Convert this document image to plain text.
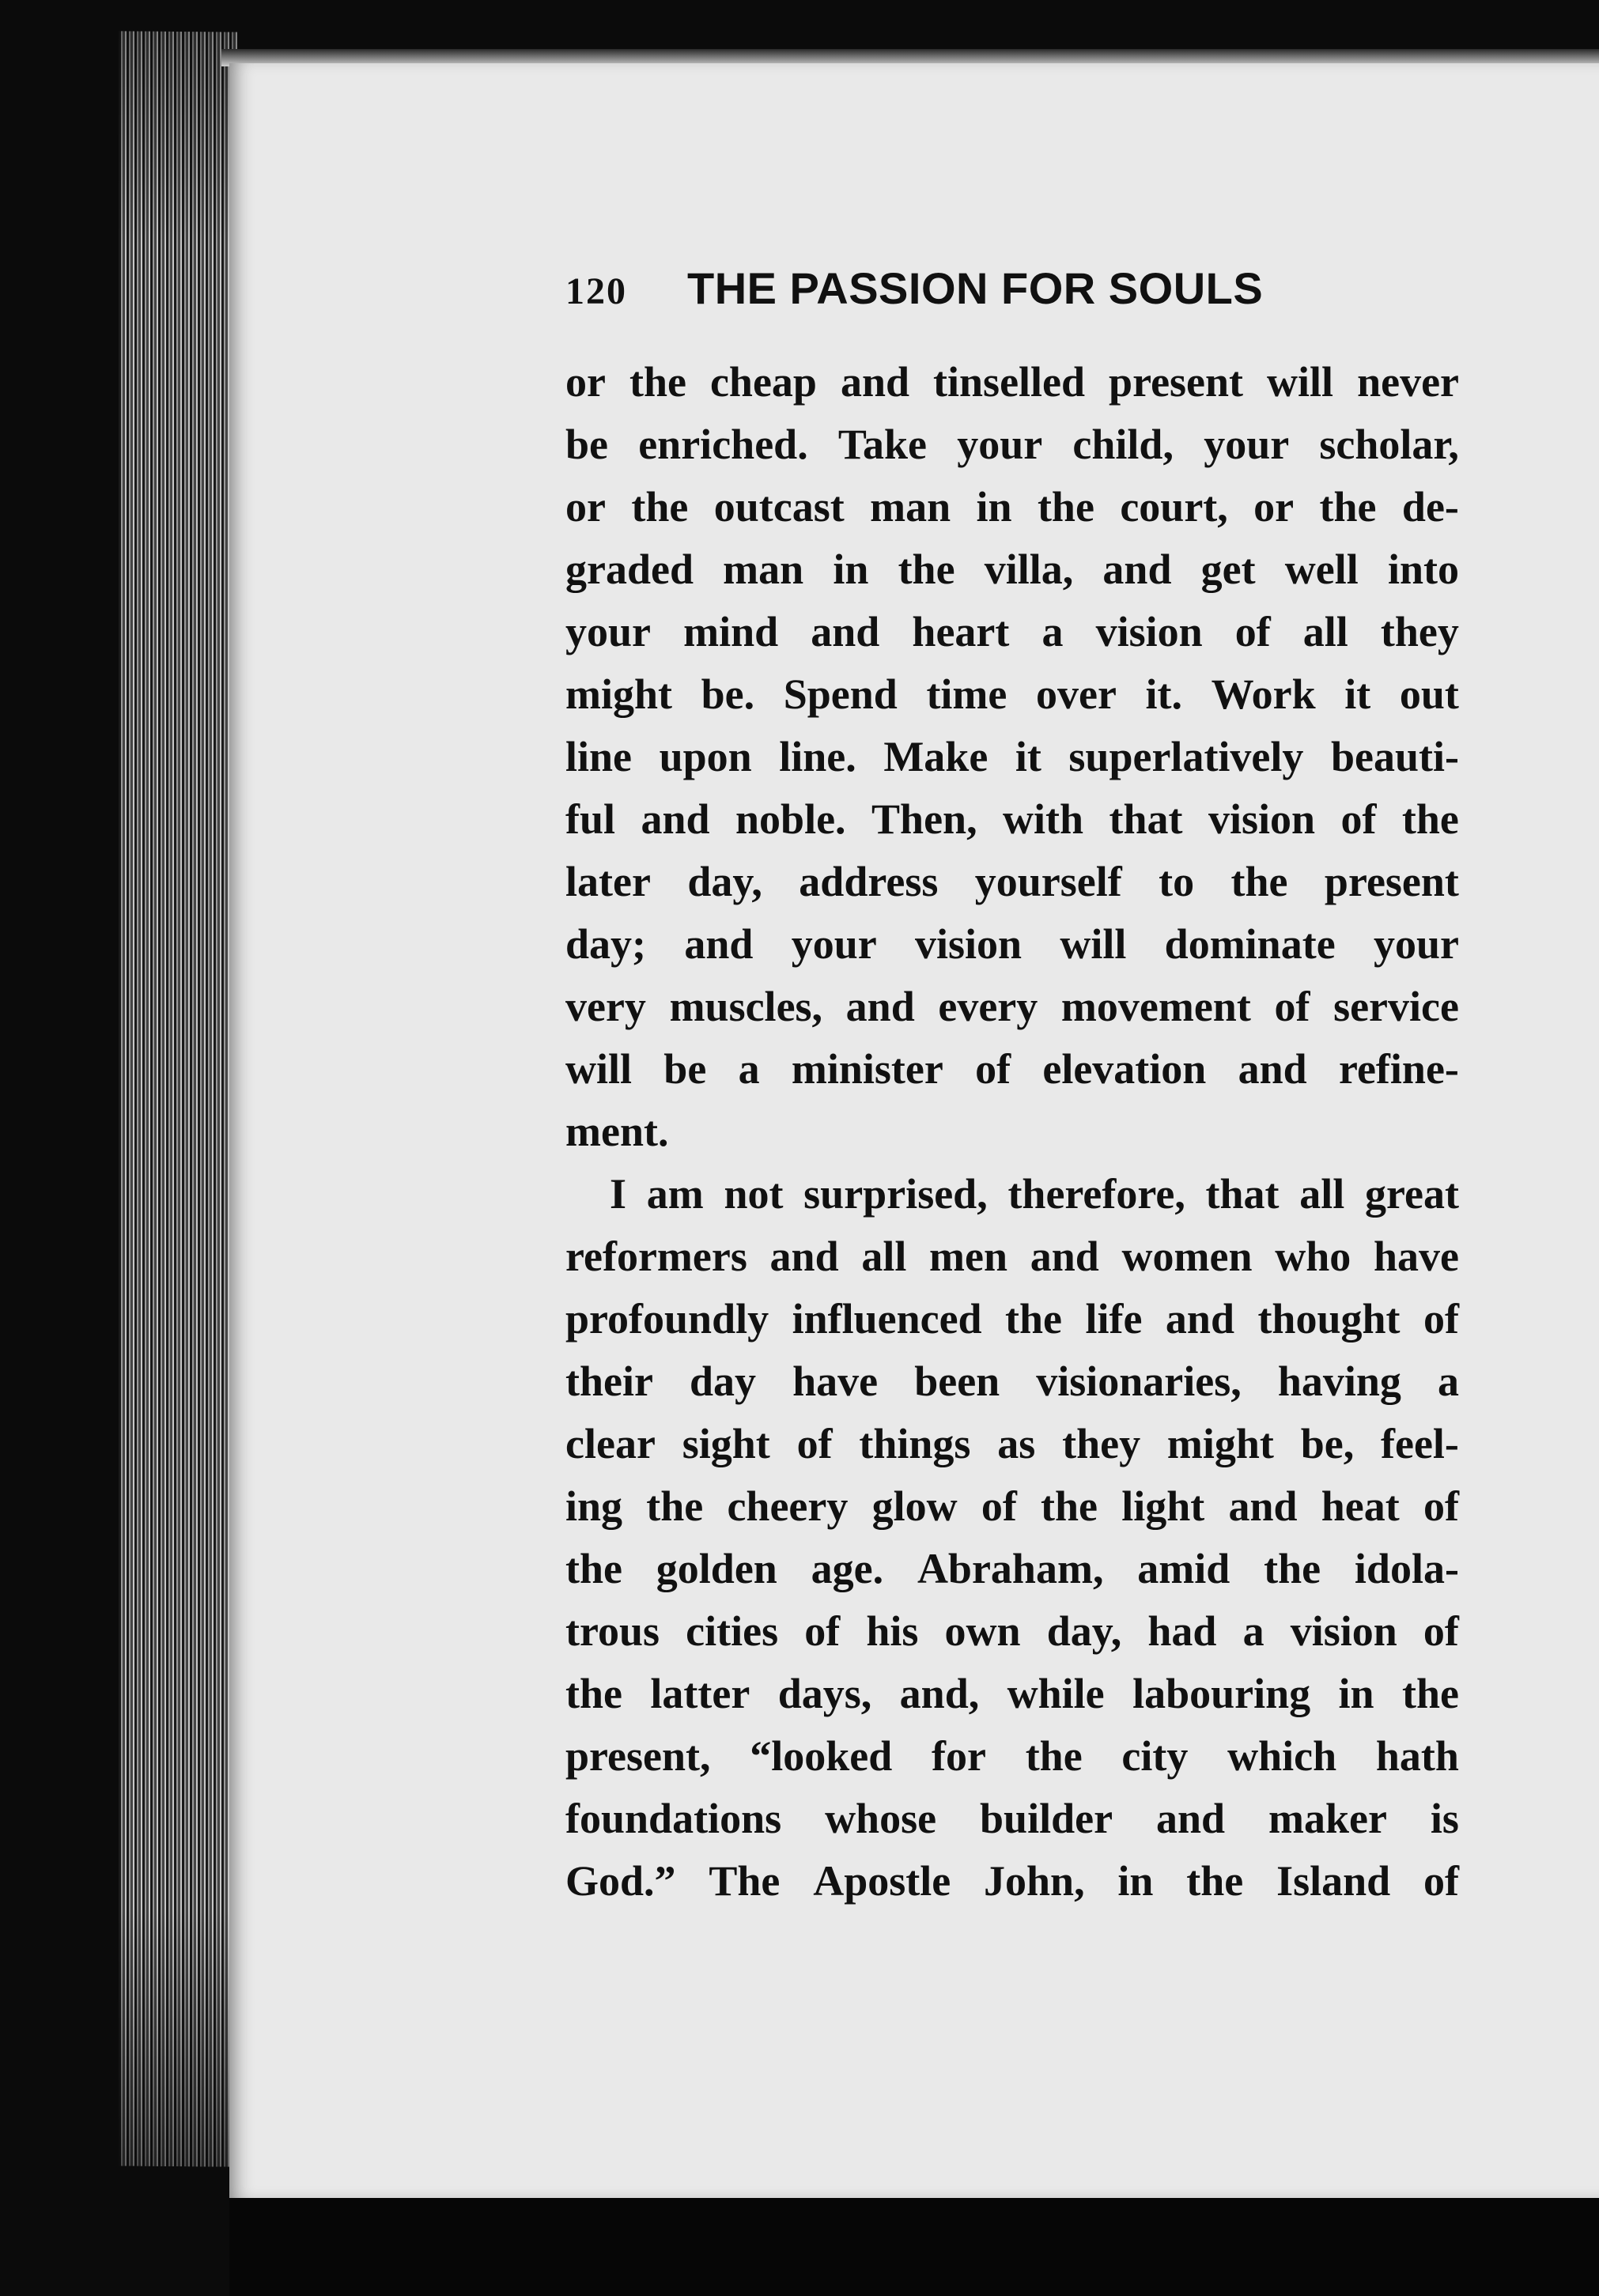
120 THE PASSION FOR SOULS
or the cheap and tinselled present will never
be enriched. Take your child, your scholar,
or the outcast man in the court, or the de-
graded man in the villa, and get well into
your mind and heart a vision of all they
might be. Spend time over it. Work it out
line upon line. Make it superlatively beauti-
ful and noble. Then, with that vision of the
later day, address yourself to the present
day; and your vision will dominate your
very muscles, and every movement of service
will be a minister of elevation and refine-
ment.
I am not surprised, therefore, that all great
reformers and all men and women who have
profoundly influenced the life and thought of
their day have been visionaries, having a
clear sight of things as they might be, feel-
ing the cheery glow of the light and heat of
the golden age. Abraham, amid the idola-
trous cities of his own day, had a vision of
the latter days, and, while labouring in the
present, “looked for the city which hath
foundations whose builder and maker is
God.” The Apostle John, in the Island of
